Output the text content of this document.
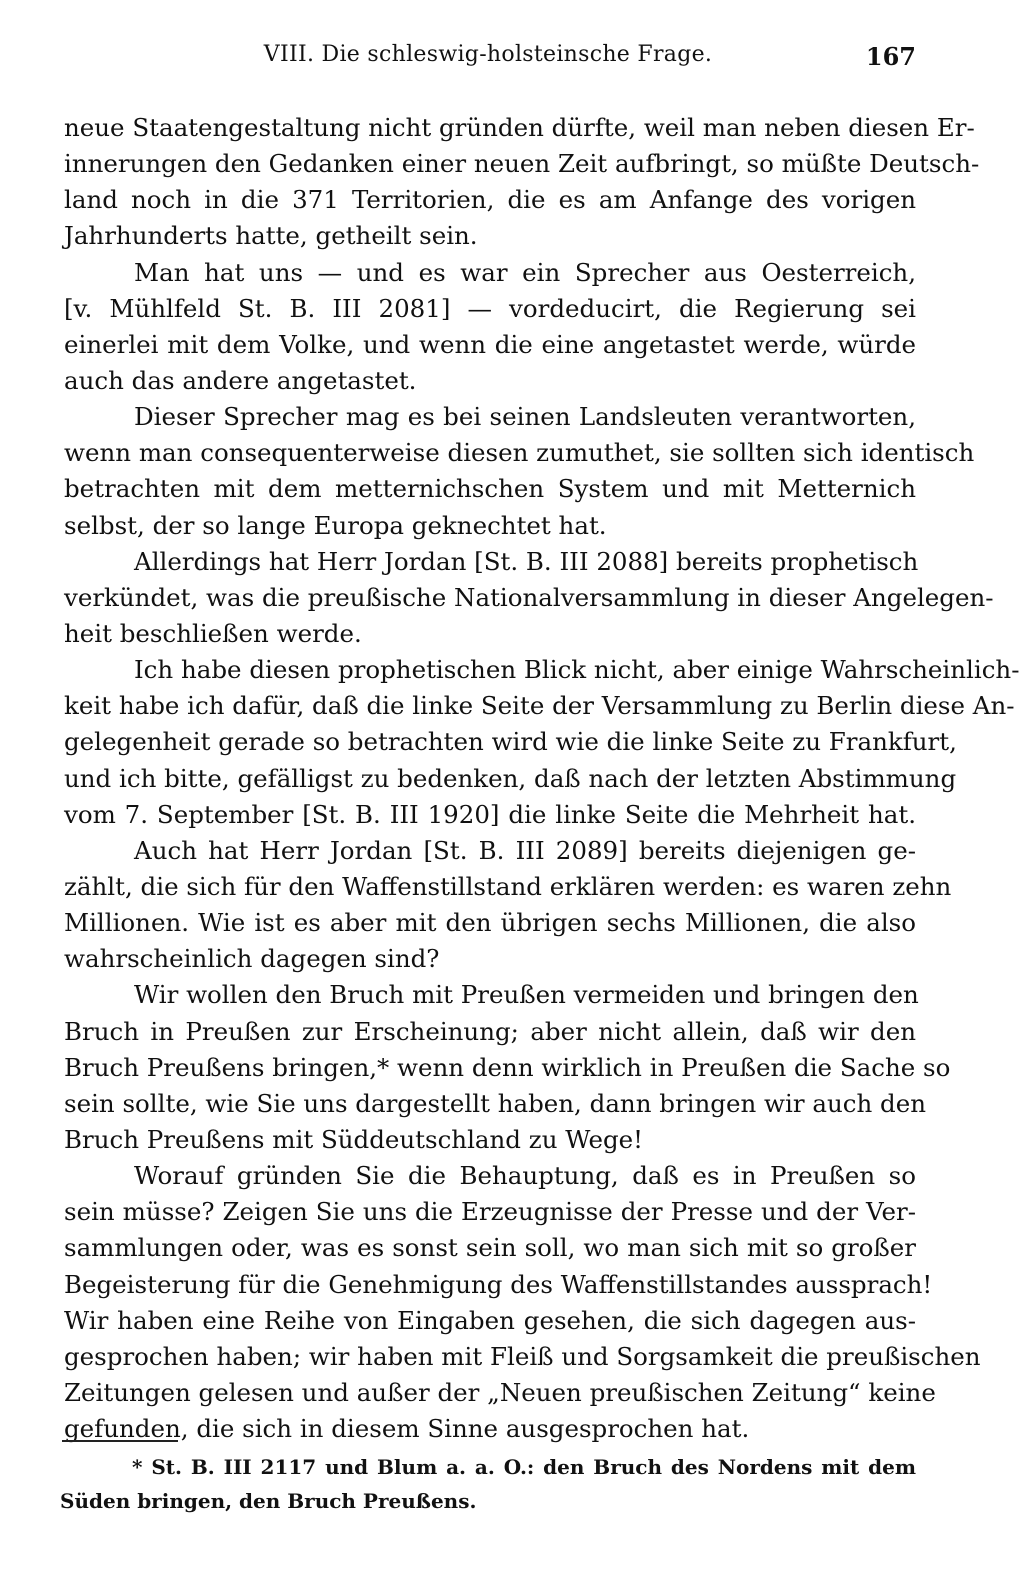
VIII. Die schleswig-holsteinsche Frage.	167
neue Staatengestaltung nicht gründen dürfte, weil man neben diesen Er-
innerungen den Gedanken einer neuen Zeit aufbringt, so müßte Deutsch-
land noch in die 371 Territorien, die es am Anfange des vorigen
Jahrhunderts hatte, getheilt sein.
Man hat uns — und es war ein Sprecher aus Oesterreich,
[v. Mühlfeld St. B. III 2081] — vordeducirt, die Regierung sei
einerlei mit dem Volke, und wenn die eine angetastet werde, würde
auch das andere angetastet.
Dieser Sprecher mag es bei seinen Landsleuten verantworten,
wenn man consequenterweise diesen zumuthet, sie sollten sich identisch
betrachten mit dem metternichschen System und mit Metternich
selbst, der so lange Europa geknechtet hat.
Allerdings hat Herr Jordan [St. B. III 2088] bereits prophetisch
verkündet, was die preußische Nationalversammlung in dieser Angelegen-
heit beschließen werde.
Ich habe diesen prophetischen Blick nicht, aber einige Wahrscheinlich-
keit habe ich dafür, daß die linke Seite der Versammlung zu Berlin diese An-
gelegenheit gerade so betrachten wird wie die linke Seite zu Frankfurt,
und ich bitte, gefälligst zu bedenken, daß nach der letzten Abstimmung
vom 7. September [St. B. III 1920] die linke Seite die Mehrheit hat.
Auch hat Herr Jordan [St. B. III 2089] bereits diejenigen ge-
zählt, die sich für den Waffenstillstand erklären werden: es waren zehn
Millionen. Wie ist es aber mit den übrigen sechs Millionen, die also
wahrscheinlich dagegen sind?
Wir wollen den Bruch mit Preußen vermeiden und bringen den
Bruch in Preußen zur Erscheinung; aber nicht allein, daß wir den
Bruch Preußens bringen,* wenn denn wirklich in Preußen die Sache so
sein sollte, wie Sie uns dargestellt haben, dann bringen wir auch den
Bruch Preußens mit Süddeutschland zu Wege!
Worauf gründen Sie die Behauptung, daß es in Preußen so
sein müsse? Zeigen Sie uns die Erzeugnisse der Presse und der Ver-
sammlungen oder, was es sonst sein soll, wo man sich mit so großer
Begeisterung für die Genehmigung des Waffenstillstandes aussprach!
Wir haben eine Reihe von Eingaben gesehen, die sich dagegen aus-
gesprochen haben; wir haben mit Fleiß und Sorgsamkeit die preußischen
Zeitungen gelesen und außer der „Neuen preußischen Zeitung“ keine
gefunden, die sich in diesem Sinne ausgesprochen hat.
* St. B. III 2117 und Blum a. a. O.: den Bruch des Nordens mit dem
Süden bringen, den Bruch Preußens.
